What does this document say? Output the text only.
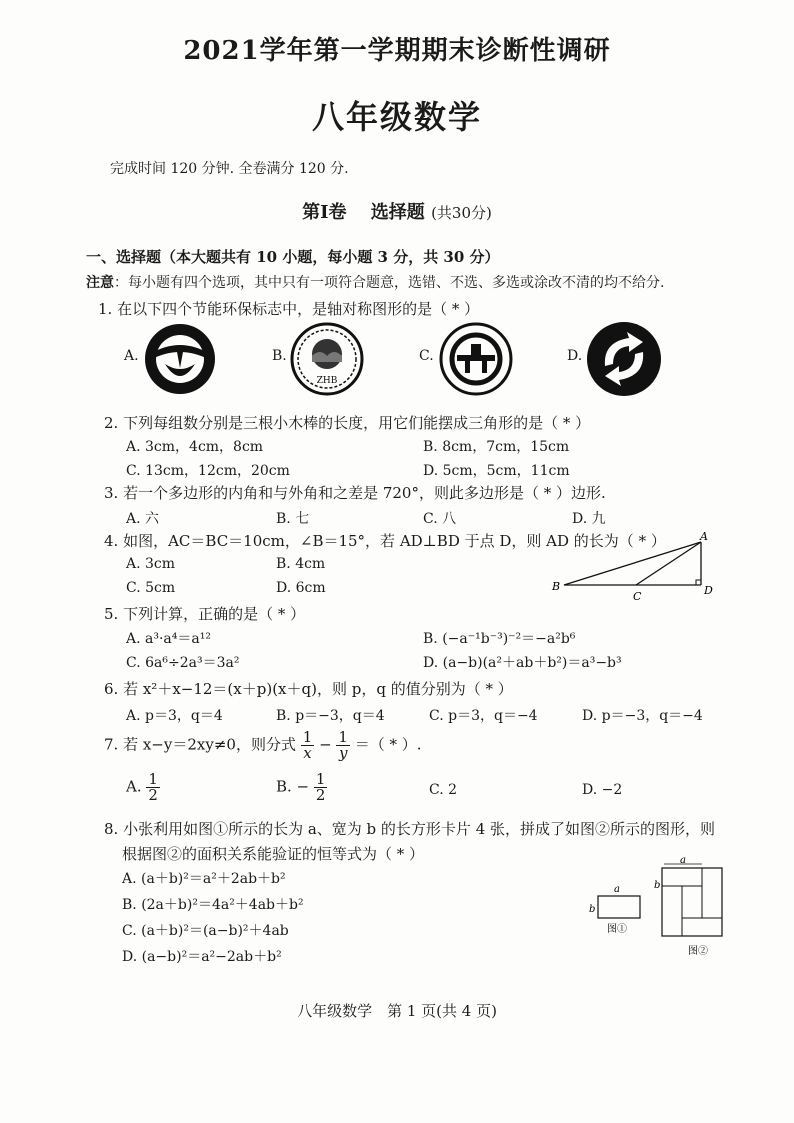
2021学年第一学期期末诊断性调研
八年级数学
完成时间 120 分钟. 全卷满分 120 分.
第Ⅰ卷　 选择题 (共30分)
一、选择题（本大题共有 10 小题，每小题 3 分，共 30 分）
注意：每小题有四个选项，其中只有一项符合题意，选错、不选、多选或涂改不清的均不给分.
1. 在以下四个节能环保标志中，是轴对称图形的是（ * ）
A.	B.
ZHB
C.	D.
2. 下列每组数分别是三根小木棒的长度，用它们能摆成三角形的是（ * ）
A. 3cm，4cm，8cm	B. 8cm，7cm，15cm
C. 13cm，12cm，20cm	D. 5cm，5cm，11cm
3. 若一个多边形的内角和与外角和之差是 720°，则此多边形是（ * ）边形.
A. 六	B. 七	C. 八	D. 九
4. 如图，AC＝BC＝10cm，∠B＝15°，若 AD⊥BD 于点 D，则 AD 的长为（ * ）
A. 3cm	B. 4cm
C. 5cm	D. 6cm
A
B
C	D
5. 下列计算，正确的是（ * ）
A. a³·a⁴＝a¹²	B. (−a⁻¹b⁻³)⁻²＝−a²b⁶
C. 6a⁶÷2a³＝3a²	D. (a−b)(a²＋ab＋b²)＝a³−b³
6. 若 x²＋x−12＝(x＋p)(x＋q)，则 p，q 的值分别为（ * ）
A. p＝3，q＝4	B. p＝−3，q＝4	C. p＝3，q＝−4	D. p＝−3，q＝−4
7. 若 x−y＝2xy≠0，则分式 $\frac{1}{x} - \frac{1}{y}$ ＝（ * ）.
A. $\frac{1}{2}$	B. − $\frac{1}{2}$	C. 2	D. −2
8. 小张利用如图①所示的长为 a、宽为 b 的长方形卡片 4 张，拼成了如图②所示的图形，则
根据图②的面积关系能验证的恒等式为（ * ）
A. (a＋b)²＝a²＋2ab＋b²
B. (2a＋b)²＝4a²＋4ab＋b²
C. (a＋b)²＝(a−b)²＋4ab
D. (a−b)²＝a²−2ab＋b²
a
b
图①
a
b
图②
八年级数学　第 1 页(共 4 页)
